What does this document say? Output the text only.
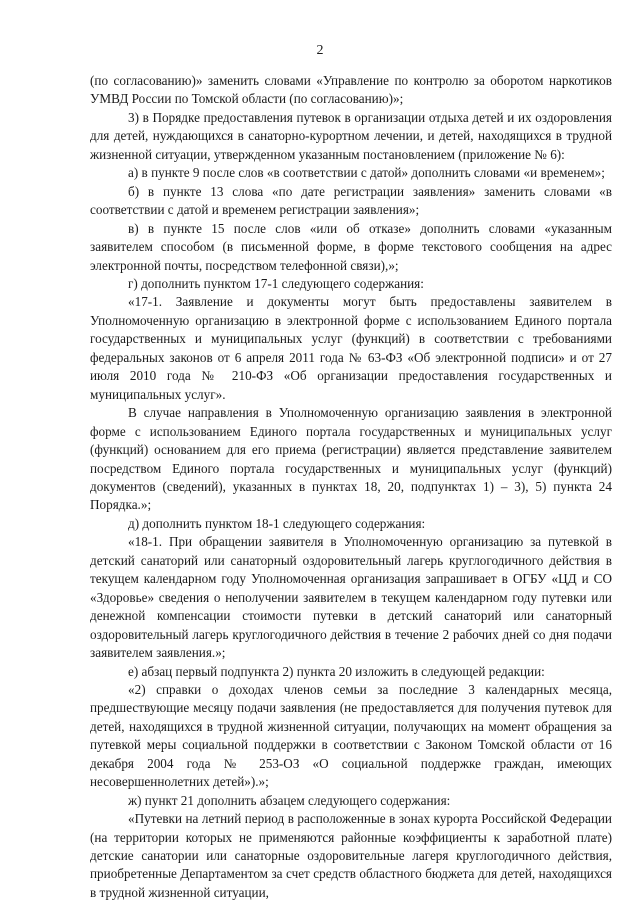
2

(по согласованию)» заменить словами «Управление по контролю за оборотом наркотиков УМВД России по Томской области (по согласованию)»;

3) в Порядке предоставления путевок в организации отдыха детей и их оздоровления для детей, нуждающихся в санаторно-курортном лечении, и детей, находящихся в трудной жизненной ситуации, утвержденном указанным постановлением (приложение № 6):

а) в пункте 9 после слов «в соответствии с датой» дополнить словами «и временем»;

б) в пункте 13 слова «по дате регистрации заявления» заменить словами «в соответствии с датой и временем регистрации заявления»;

в) в пункте 15 после слов «или об отказе» дополнить словами «указанным заявителем способом (в письменной форме, в форме текстового сообщения на адрес электронной почты, посредством телефонной связи),»;

г) дополнить пунктом 17-1 следующего содержания:

«17-1. Заявление и документы могут быть предоставлены заявителем в Уполномоченную организацию в электронной форме с использованием Единого портала государственных и муниципальных услуг (функций) в соответствии с требованиями федеральных законов от 6 апреля 2011 года № 63-ФЗ «Об электронной подписи» и от 27 июля 2010 года № 210-ФЗ «Об организации предоставления государственных и муниципальных услуг».

В случае направления в Уполномоченную организацию заявления в электронной форме с использованием Единого портала государственных и муниципальных услуг (функций) основанием для его приема (регистрации) является представление заявителем посредством Единого портала государственных и муниципальных услуг (функций) документов (сведений), указанных в пунктах 18, 20, подпунктах 1) – 3), 5) пункта 24 Порядка.»;

д) дополнить пунктом 18-1 следующего содержания:

«18-1. При обращении заявителя в Уполномоченную организацию за путевкой в детский санаторий или санаторный оздоровительный лагерь круглогодичного действия в текущем календарном году Уполномоченная организация запрашивает в ОГБУ «ЦД и СО «Здоровье» сведения о неполучении заявителем в текущем календарном году путевки или денежной компенсации стоимости путевки в детский санаторий или санаторный оздоровительный лагерь круглогодичного действия в течение 2 рабочих дней со дня подачи заявителем заявления.»;

е) абзац первый подпункта 2) пункта 20 изложить в следующей редакции:

«2) справки о доходах членов семьи за последние 3 календарных месяца, предшествующие месяцу подачи заявления (не предоставляется для получения путевок для детей, находящихся в трудной жизненной ситуации, получающих на момент обращения за путевкой меры социальной поддержки в соответствии с Законом Томской области от 16 декабря 2004 года № 253-ОЗ «О социальной поддержке граждан, имеющих несовершеннолетних детей»).»;

ж) пункт 21 дополнить абзацем следующего содержания:

«Путевки на летний период в расположенные в зонах курорта Российской Федерации (на территории которых не применяются районные коэффициенты к заработной плате) детские санатории или санаторные оздоровительные лагеря круглогодичного действия, приобретенные Департаментом за счет средств областного бюджета для детей, находящихся в трудной жизненной ситуации,
